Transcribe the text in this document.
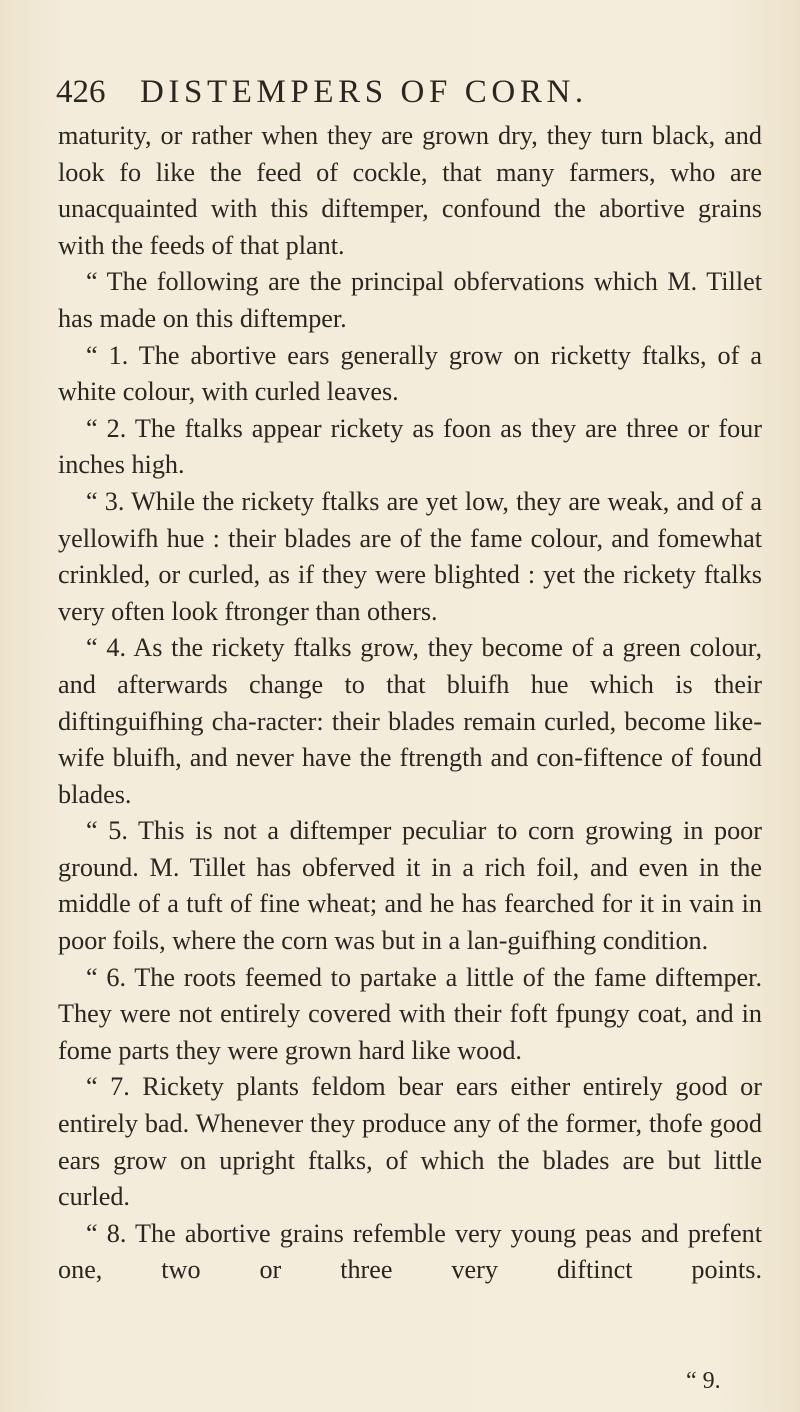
426 DISTEMPERS OF CORN.

maturity, or rather when they are grown dry, they turn black, and look fo like the feed of cockle, that many farmers, who are unacquainted with this diftemper, confound the abortive grains with the feeds of that plant.

“ The following are the principal obfervations which M. Tillet has made on this diftemper.

“ 1. The abortive ears generally grow on ricketty ftalks, of a white colour, with curled leaves.

“ 2. The ftalks appear rickety as foon as they are three or four inches high.

“ 3. While the rickety ftalks are yet low, they are weak, and of a yellowifh hue : their blades are of the fame colour, and fomewhat crinkled, or curled, as if they were blighted : yet the rickety ftalks very often look ftronger than others.

“ 4. As the rickety ftalks grow, they become of a green colour, and afterwards change to that bluifh hue which is their diftinguifhing cha-racter: their blades remain curled, become like-wife bluifh, and never have the ftrength and con-fiftence of found blades.

“ 5. This is not a diftemper peculiar to corn growing in poor ground. M. Tillet has obferved it in a rich foil, and even in the middle of a tuft of fine wheat; and he has fearched for it in vain in poor foils, where the corn was but in a lan-guifhing condition.

“ 6. The roots feemed to partake a little of the fame diftemper. They were not entirely covered with their foft fpungy coat, and in fome parts they were grown hard like wood.

“ 7. Rickety plants feldom bear ears either entirely good or entirely bad. Whenever they produce any of the former, thofe good ears grow on upright ftalks, of which the blades are but little curled.

“ 8. The abortive grains refemble very young peas and prefent one, two or three very diftinct points.

“ 9.
